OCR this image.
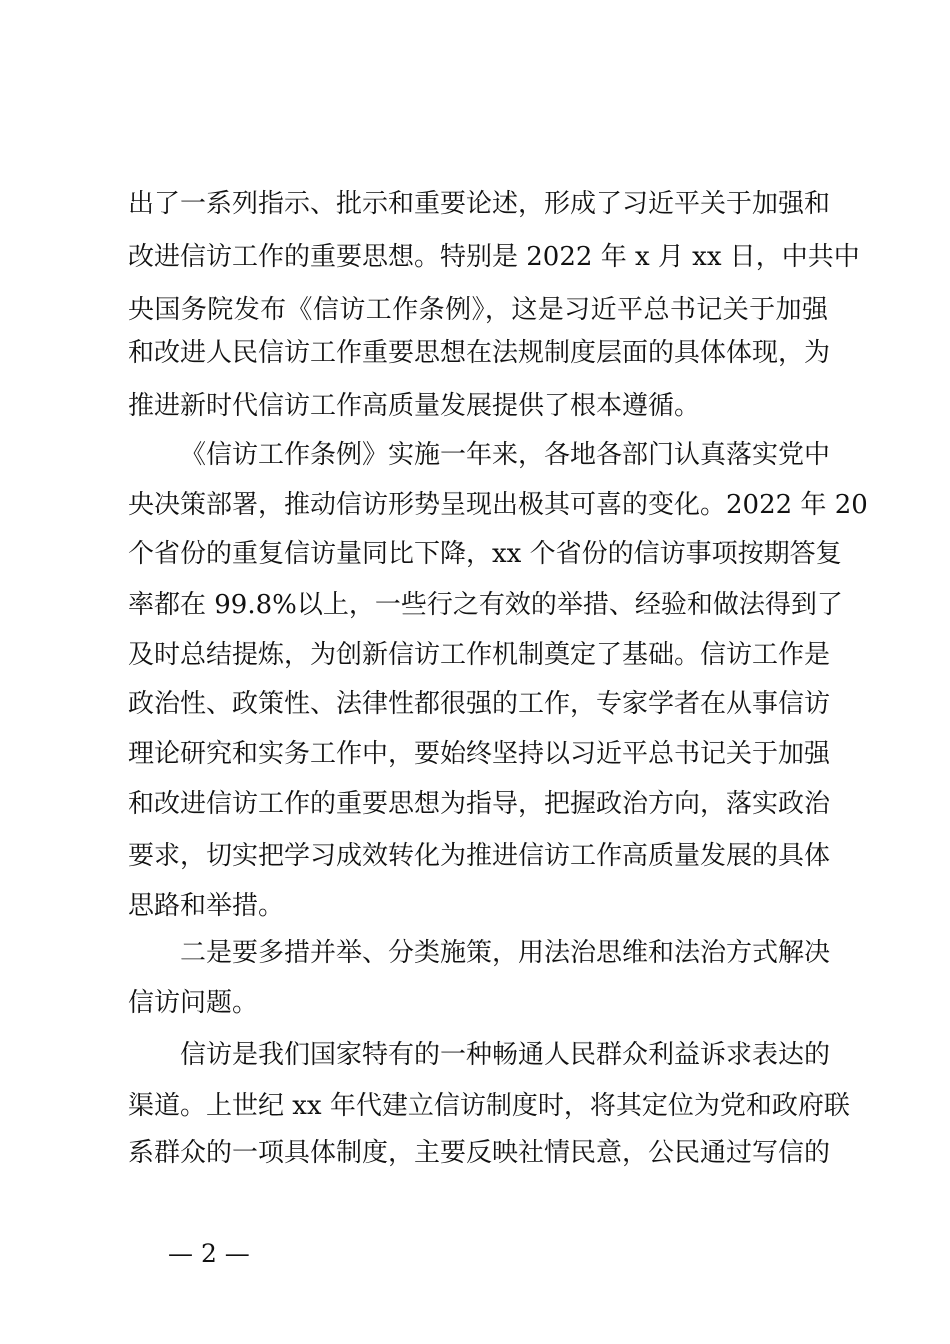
出了一系列指示、批示和重要论述，形成了习近平关于加强和
改进信访工作的重要思想。特别是 2022 年 x 月 xx 日，中共中
央国务院发布《信访工作条例》，这是习近平总书记关于加强
和改进人民信访工作重要思想在法规制度层面的具体体现，为
推进新时代信访工作高质量发展提供了根本遵循。
《信访工作条例》实施一年来，各地各部门认真落实党中
央决策部署，推动信访形势呈现出极其可喜的变化。2022 年 20
个省份的重复信访量同比下降，xx 个省份的信访事项按期答复
率都在 99.8%以上，一些行之有效的举措、经验和做法得到了
及时总结提炼，为创新信访工作机制奠定了基础。信访工作是
政治性、政策性、法律性都很强的工作，专家学者在从事信访
理论研究和实务工作中，要始终坚持以习近平总书记关于加强
和改进信访工作的重要思想为指导，把握政治方向，落实政治
要求，切实把学习成效转化为推进信访工作高质量发展的具体
思路和举措。
二是要多措并举、分类施策，用法治思维和法治方式解决
信访问题。
信访是我们国家特有的一种畅通人民群众利益诉求表达的
渠道。上世纪 xx 年代建立信访制度时，将其定位为党和政府联
系群众的一项具体制度，主要反映社情民意，公民通过写信的
— 2 —
